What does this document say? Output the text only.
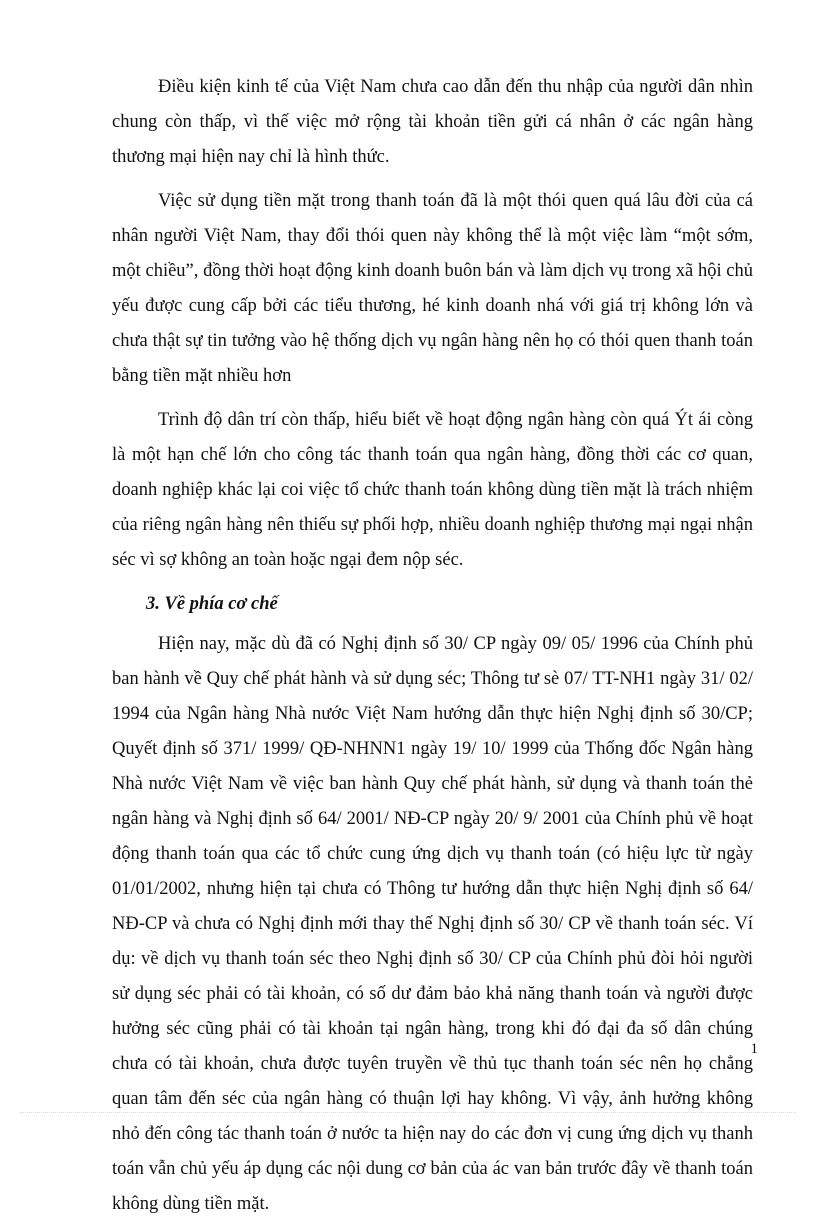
Điều kiện kinh tế của Việt Nam chưa cao dẫn đến thu nhập của người dân nhìn chung còn thấp, vì thế việc mở rộng tài khoản tiền gửi cá nhân ở các ngân hàng thương mại hiện nay chỉ là hình thức.

Việc sử dụng tiền mặt trong thanh toán đã là một thói quen quá lâu đời của cá nhân người Việt Nam, thay đổi thói quen này không thể là một việc làm “một sớm, một chiều”, đồng thời hoạt động kinh doanh buôn bán và làm dịch vụ trong xã hội chủ yếu được cung cấp bởi các tiểu thương, hé kinh doanh nhá với giá trị không lớn và chưa thật sự tin tưởng vào hệ thống dịch vụ ngân hàng nên họ có thói quen thanh toán bằng tiền mặt nhiều hơn

Trình độ dân trí còn thấp, hiểu biết về hoạt động ngân hàng còn quá Ýt ái còng là một hạn chế lớn cho công tác thanh toán qua ngân hàng, đồng thời các cơ quan, doanh nghiệp khác lại coi việc tổ chức thanh toán không dùng tiền mặt là trách nhiệm của riêng ngân hàng nên thiếu sự phối hợp, nhiều doanh nghiệp thương mại ngại nhận séc vì sợ không an toàn hoặc ngại đem nộp séc.

3. Về phía cơ chế

Hiện nay, mặc dù đã có Nghị định số 30/ CP ngày 09/ 05/ 1996 của Chính phủ ban hành về Quy chế phát hành và sử dụng séc; Thông tư sè 07/ TT-NH1 ngày 31/ 02/ 1994 của Ngân hàng Nhà nước Việt Nam hướng dẫn thực hiện Nghị định số 30/CP; Quyết định số 371/ 1999/ QĐ-NHNN1 ngày 19/ 10/ 1999 của Thống đốc Ngân hàng Nhà nước Việt Nam về việc ban hành Quy chế phát hành, sử dụng và thanh toán thẻ ngân hàng và Nghị định số 64/ 2001/ NĐ-CP ngày 20/ 9/ 2001 của Chính phủ về hoạt động thanh toán qua các tổ chức cung ứng dịch vụ thanh toán (có hiệu lực từ ngày 01/01/2002, nhưng hiện tại chưa có Thông tư hướng dẫn thực hiện Nghị định số 64/ NĐ-CP và chưa có Nghị định mới thay thế Nghị định số 30/ CP về thanh toán séc. Ví dụ: về dịch vụ thanh toán séc theo Nghị định số 30/ CP của Chính phủ đòi hỏi người sử dụng séc phải có tài khoản, có số dư đảm bảo khả năng thanh toán và người được hưởng séc cũng phải có tài khoản tại ngân hàng, trong khi đó đại đa số dân chúng chưa có tài khoản, chưa được tuyên truyền về thủ tục thanh toán séc nên họ chẳng quan tâm đến séc của ngân hàng có thuận lợi hay không. Vì vậy, ảnh hưởng không nhỏ đến công tác thanh toán ở nước ta hiện nay do các đơn vị cung ứng dịch vụ thanh toán vẫn chủ yếu áp dụng các nội dung cơ bản của ác van bản trước đây về thanh toán không dùng tiền mặt.

1
